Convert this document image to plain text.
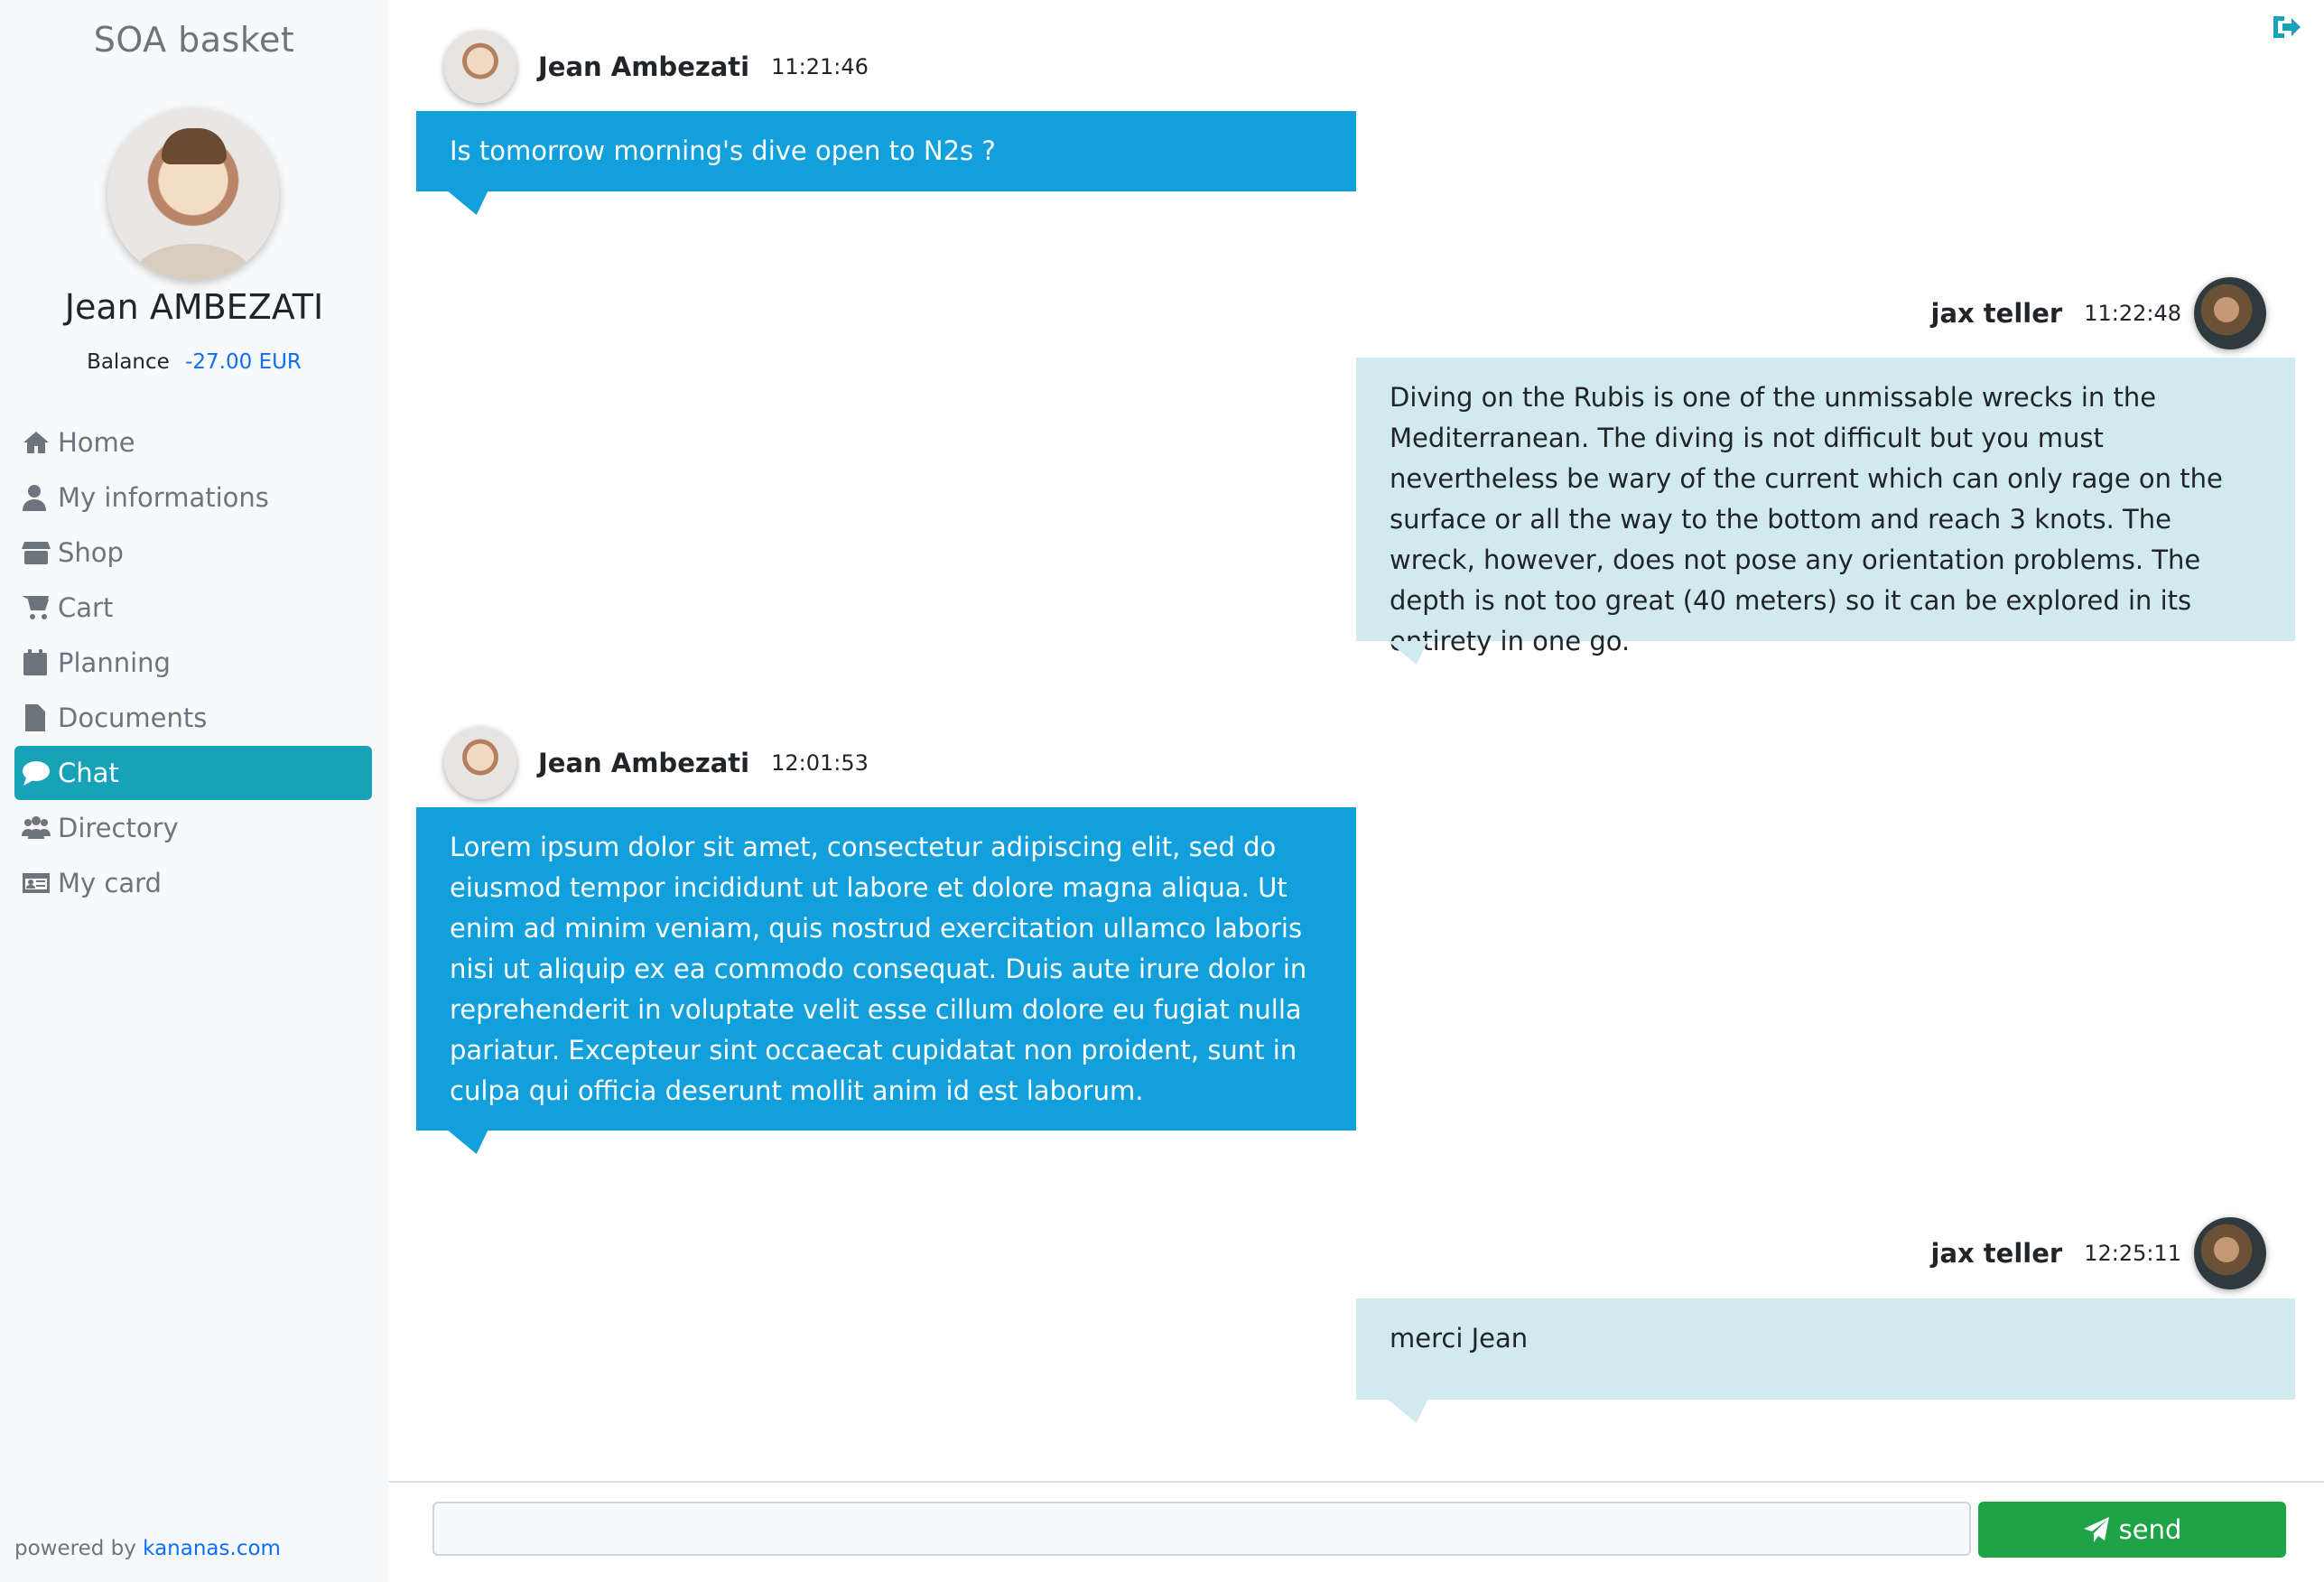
SOA basket
Jean AMBEZATI
Balance -27.00 EUR
Home
My informations
Shop
Cart
Planning
Documents
Chat
Directory
My card
powered by kananas.com
Jean Ambezati 11:21:46
Is tomorrow morning's dive open to N2s ?
11:22:48
jax teller
Diving on the Rubis is one of the unmissable wrecks in the Mediterranean. The diving is not difficult but you must nevertheless be wary of the current which can only rage on the surface or all the way to the bottom and reach 3 knots. The wreck, however, does not pose any orientation problems. The depth is not too great (40 meters) so it can be explored in its entirety in one go.
Jean Ambezati 12:01:53
Lorem ipsum dolor sit amet, consectetur adipiscing elit, sed do eiusmod tempor incididunt ut labore et dolore magna aliqua. Ut enim ad minim veniam, quis nostrud exercitation ullamco laboris nisi ut aliquip ex ea commodo consequat. Duis aute irure dolor in reprehenderit in voluptate velit esse cillum dolore eu fugiat nulla pariatur. Excepteur sint occaecat cupidatat non proident, sunt in culpa qui officia deserunt mollit anim id est laborum.
12:25:11
jax teller
merci Jean
send
